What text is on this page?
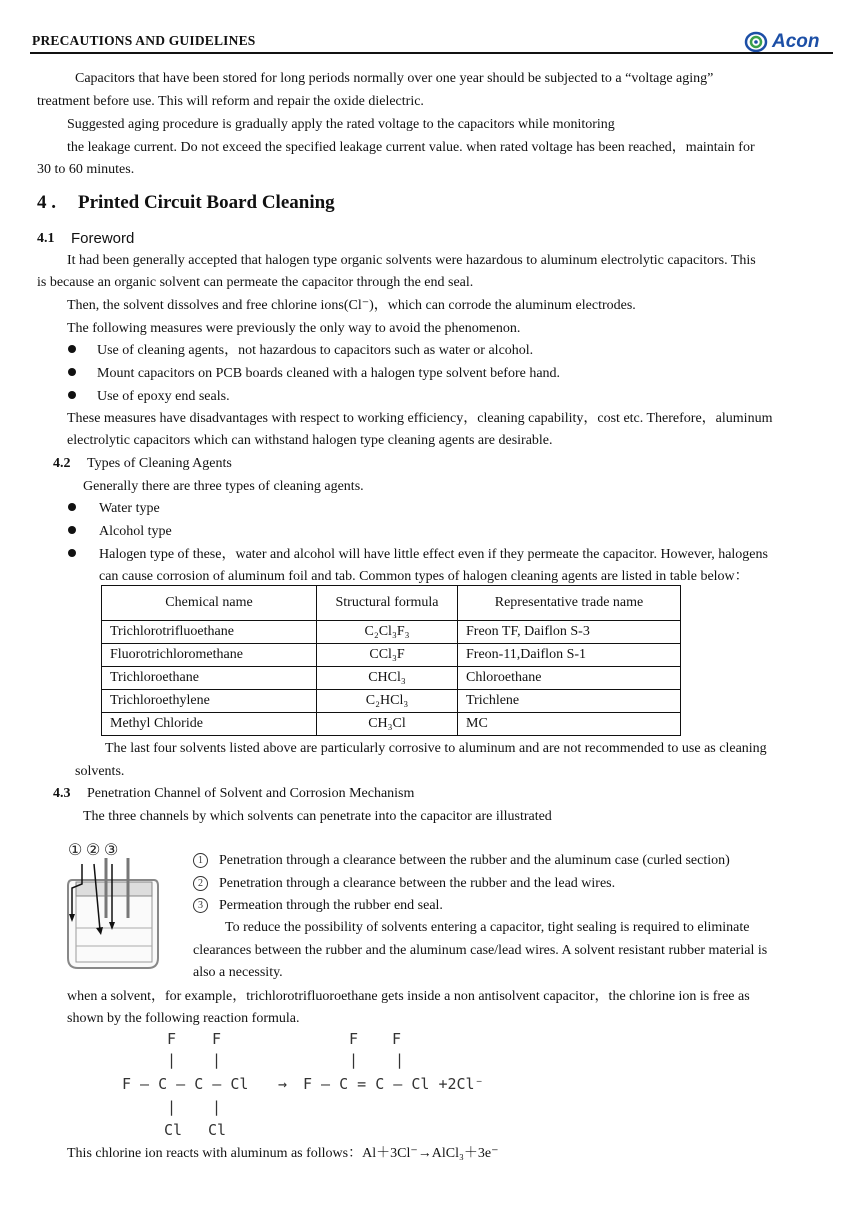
PRECAUTIONS AND GUIDELINES	Acon
Capacitors that have been stored for long periods normally over one year should be subjected to a “voltage aging”
treatment before use. This will reform and repair the oxide dielectric.
Suggested aging procedure is gradually apply the rated voltage to the capacitors while monitoring
the leakage current. Do not exceed the specified leakage current value. when rated voltage has been reached，maintain for
30 to 60 minutes.
4 . Printed Circuit Board Cleaning
4.1 Foreword
It had been generally accepted that halogen type organic solvents were hazardous to aluminum electrolytic capacitors. This
is because an organic solvent can permeate the capacitor through the end seal.
Then, the solvent dissolves and free chlorine ions(Cl⁻)，which can corrode the aluminum electrodes.
The following measures were previously the only way to avoid the phenomenon.
Use of cleaning agents，not hazardous to capacitors such as water or alcohol.
Mount capacitors on PCB boards cleaned with a halogen type solvent before hand.
Use of epoxy end seals.
These measures have disadvantages with respect to working efficiency，cleaning capability，cost etc. Therefore，aluminum
electrolytic capacitors which can withstand halogen type cleaning agents are desirable.
4.2 Types of Cleaning Agents
Generally there are three types of cleaning agents.
Water type
Alcohol type
Halogen type of these，water and alcohol will have little effect even if they permeate the capacitor. However, halogens
can cause corrosion of aluminum foil and tab. Common types of halogen cleaning agents are listed in table below：
Chemical name	Structural formula	Representative trade name
Trichlorotrifluoethane	C₂Cl₃F₃	Freon TF, Daiflon S-3
Fluorotrichloromethane	CCl₃F	Freon-11,Daiflon S-1
Trichloroethane	CHCl₃	Chloroethane
Trichloroethylene	C₂HCl₃	Trichlene
Methyl Chloride	CH₃Cl	MC
The last four solvents listed above are particularly corrosive to aluminum and are not recommended to use as cleaning
solvents.
4.3 Penetration Channel of Solvent and Corrosion Mechanism
The three channels by which solvents can penetrate into the capacitor are illustrated
① ② ③
1	Penetration through a clearance between the rubber and the aluminum case (curled section)
2	Penetration through a clearance between the rubber and the lead wires.
3	Permeation through the rubber end seal.
To reduce the possibility of solvents entering a capacitor, tight sealing is required to eliminate
clearances between the rubber and the aluminum case/lead wires. A solvent resistant rubber material is
also a necessity.
when a solvent，for example，trichlorotrifluoroethane gets inside a non antisolvent capacitor，the chlorine ion is free as
shown by the following reaction formula.
F F	F F
| |	| |
F — C — C — Cl → F — C = C — Cl +2Cl⁻
| |
Cl Cl
This chlorine ion reacts with aluminum as follows：Al＋3Cl⁻→AlCl₃＋3e⁻
